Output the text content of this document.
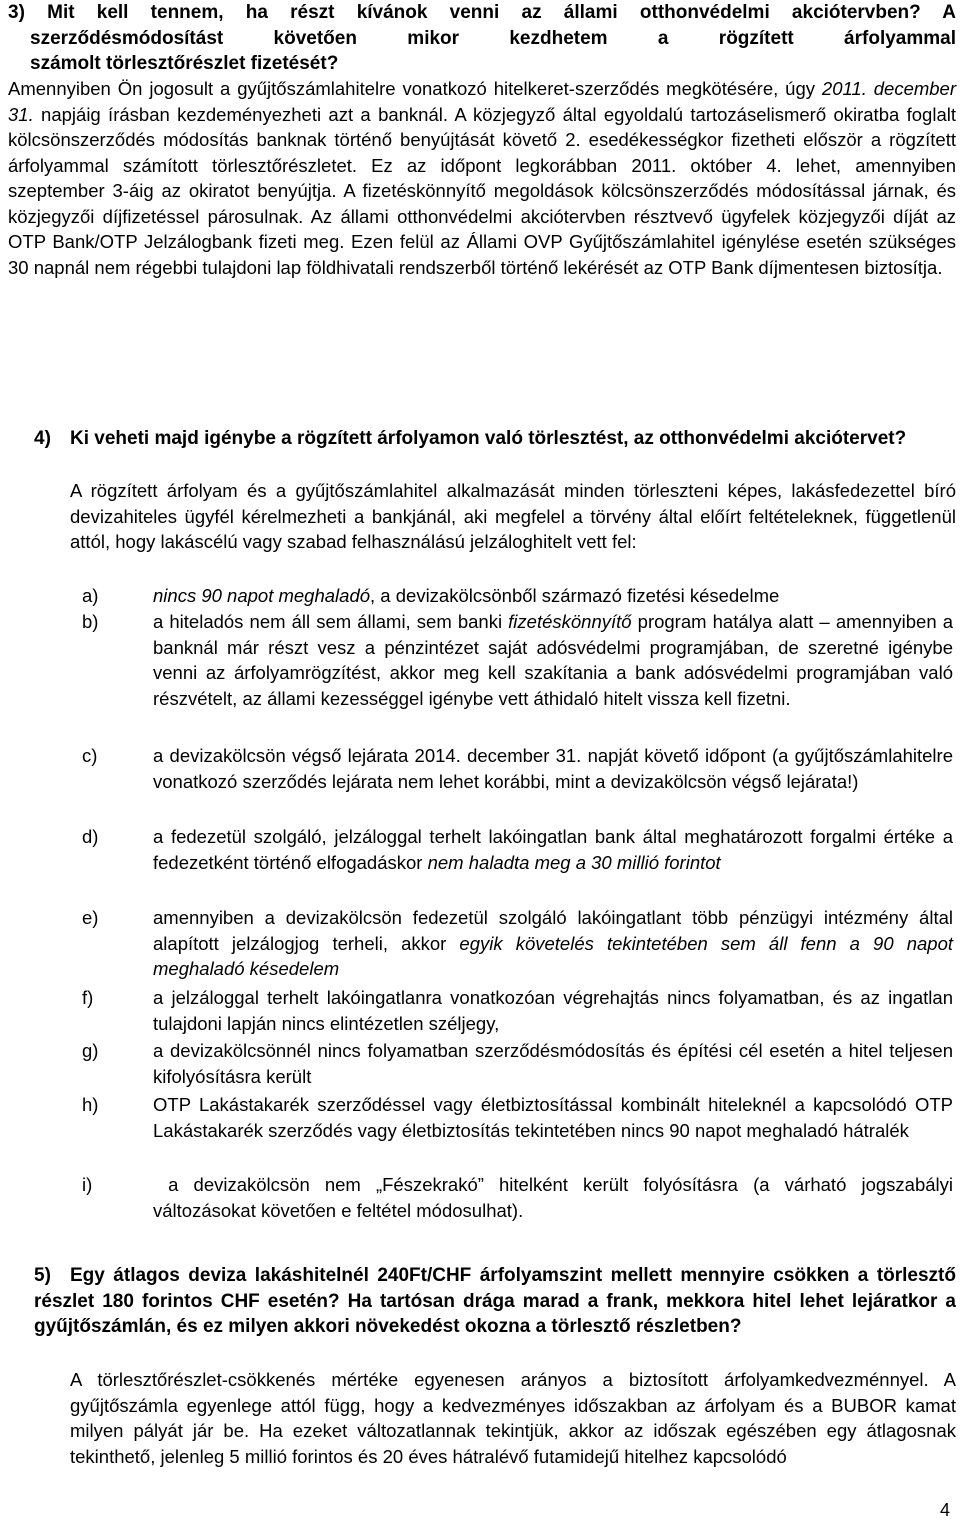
3) Mit kell tennem, ha részt kívánok venni az állami otthonvédelmi akciótervben? A
szerződésmódosítást követően mikor kezdhetem a rögzített árfolyammal
számolt törlesztőrészlet fizetését?
Amennyiben Ön jogosult a gyűjtőszámlahitelre vonatkozó hitelkeret-szerződés megkötésére, úgy 2011. december 31. napjáig írásban kezdeményezheti azt a banknál. A közjegyző által egyoldalú tartozáselismerő okiratba foglalt kölcsönszerződés módosítás banknak történő benyújtását követő 2. esedékességkor fizetheti először a rögzített árfolyammal számított törlesztőrészletet. Ez az időpont legkorábban 2011. október 4. lehet, amennyiben szeptember 3-áig az okiratot benyújtja. A fizetéskönnyítő megoldások kölcsönszerződés módosítással járnak, és közjegyzői díjfizetéssel párosulnak. Az állami otthonvédelmi akciótervben résztvevő ügyfelek közjegyzői díját az OTP Bank/OTP Jelzálogbank fizeti meg. Ezen felül az Állami OVP Gyűjtőszámlahitel igénylése esetén szükséges 30 napnál nem régebbi tulajdoni lap földhivatali rendszerből történő lekérését az OTP Bank díjmentesen biztosítja.
4) Ki veheti majd igénybe a rögzített árfolyamon való törlesztést, az otthonvédelmi akciótervet?
A rögzített árfolyam és a gyűjtőszámlahitel alkalmazását minden törleszteni képes, lakásfedezettel bíró devizahiteles ügyfél kérelmezheti a bankjánál, aki megfelel a törvény által előírt feltételeknek, függetlenül attól, hogy lakáscélú vagy szabad felhasználású jelzáloghitelt vett fel:
a)	nincs 90 napot meghaladó, a devizakölcsönből származó fizetési késedelme
b)	a hiteladós nem áll sem állami, sem banki fizetéskönnyítő program hatálya alatt – amennyiben a banknál már részt vesz a pénzintézet saját adósvédelmi programjában, de szeretné igénybe venni az árfolyamrögzítést, akkor meg kell szakítania a bank adósvédelmi programjában való részvételt, az állami kezességgel igénybe vett áthidaló hitelt vissza kell fizetni.
c)	a devizakölcsön végső lejárata 2014. december 31. napját követő időpont (a gyűjtőszámlahitelre vonatkozó szerződés lejárata nem lehet korábbi, mint a devizakölcsön végső lejárata!)
d)	a fedezetül szolgáló, jelzáloggal terhelt lakóingatlan bank által meghatározott forgalmi értéke a fedezetként történő elfogadáskor nem haladta meg a 30 millió forintot
e)	amennyiben a devizakölcsön fedezetül szolgáló lakóingatlant több pénzügyi intézmény által alapított jelzálogjog terheli, akkor egyik követelés tekintetében sem áll fenn a 90 napot meghaladó késedelem
f)	a jelzáloggal terhelt lakóingatlanra vonatkozóan végrehajtás nincs folyamatban, és az ingatlan tulajdoni lapján nincs elintézetlen széljegy,
g)	a devizakölcsönnél nincs folyamatban szerződésmódosítás és építési cél esetén a hitel teljesen kifolyósításra került
h)	OTP Lakástakarék szerződéssel vagy életbiztosítással kombinált hiteleknél a kapcsolódó OTP Lakástakarék szerződés vagy életbiztosítás tekintetében nincs 90 napot meghaladó hátralék
i)	a devizakölcsön nem „Fészekrakó” hitelként került folyósításra (a várható jogszabályi változásokat követően e feltétel módosulhat).
5) Egy átlagos deviza lakáshitelnél 240Ft/CHF árfolyamszint mellett mennyire csökken a törlesztő részlet 180 forintos CHF esetén? Ha tartósan drága marad a frank, mekkora hitel lehet lejáratkor a gyűjtőszámlán, és ez milyen akkori növekedést okozna a törlesztő részletben?
A törlesztőrészlet-csökkenés mértéke egyenesen arányos a biztosított árfolyamkedvezménnyel. A gyűjtőszámla egyenlege attól függ, hogy a kedvezményes időszakban az árfolyam és a BUBOR kamat milyen pályát jár be. Ha ezeket változatlannak tekintjük, akkor az időszak egészében egy átlagosnak tekinthető, jelenleg 5 millió forintos és 20 éves hátralévő futamidejű hitelhez kapcsolódó
4
